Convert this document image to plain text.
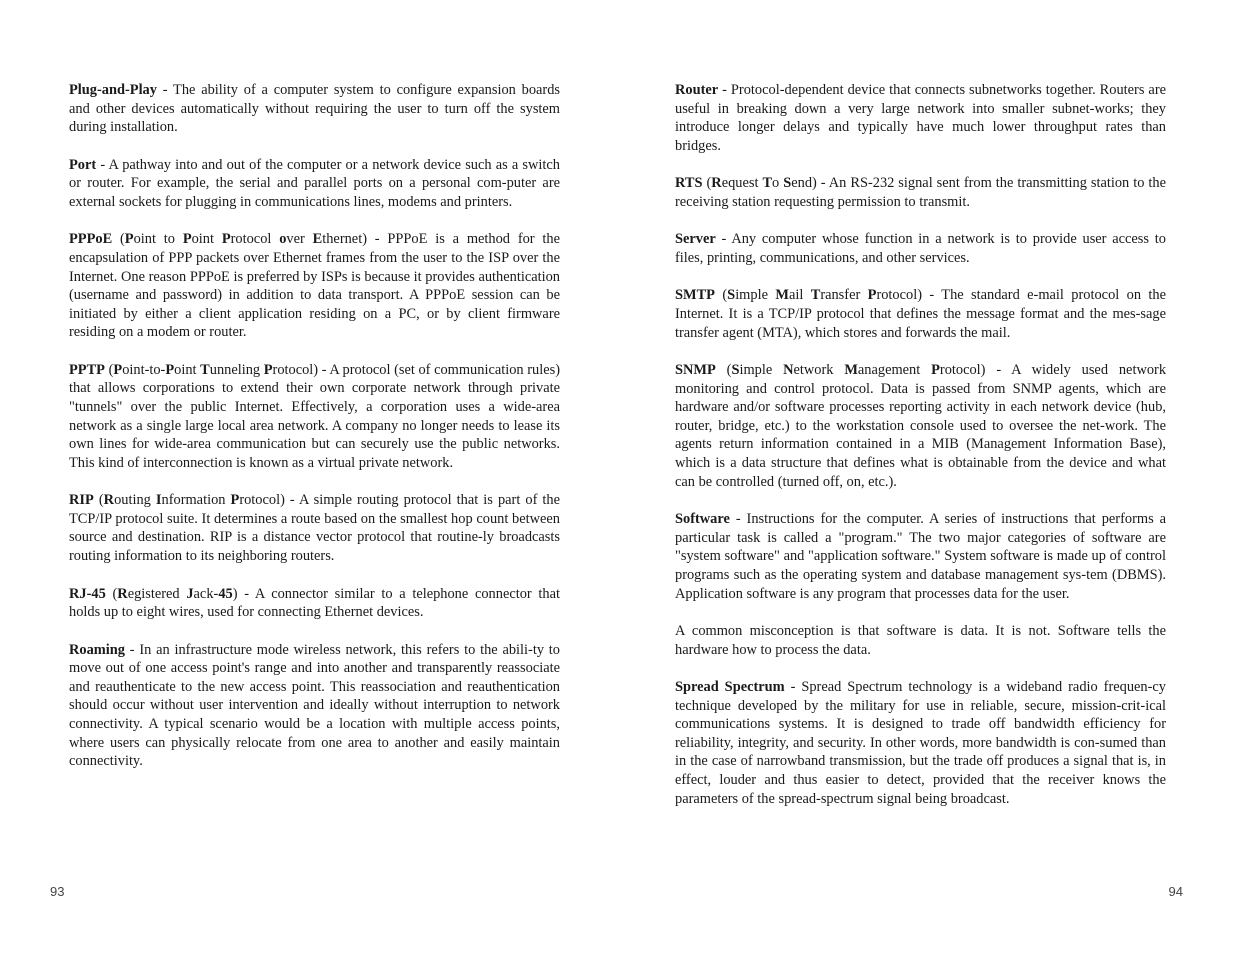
Plug-and-Play - The ability of a computer system to configure expansion boards and other devices automatically without requiring the user to turn off the system during installation.

Port - A pathway into and out of the computer or a network device such as a switch or router. For example, the serial and parallel ports on a personal com-puter are external sockets for plugging in communications lines, modems and printers.

PPPoE (Point to Point Protocol over Ethernet) - PPPoE is a method for the encapsulation of PPP packets over Ethernet frames from the user to the ISP over the Internet. One reason PPPoE is preferred by ISPs is because it provides authentication (username and password) in addition to data transport. A PPPoE session can be initiated by either a client application residing on a PC, or by client firmware residing on a modem or router.

PPTP (Point-to-Point Tunneling Protocol) - A protocol (set of communication rules) that allows corporations to extend their own corporate network through private "tunnels" over the public Internet. Effectively, a corporation uses a wide-area network as a single large local area network. A company no longer needs to lease its own lines for wide-area communication but can securely use the public networks. This kind of interconnection is known as a virtual private network.

RIP (Routing Information Protocol) - A simple routing protocol that is part of the TCP/IP protocol suite. It determines a route based on the smallest hop count between source and destination. RIP is a distance vector protocol that routine-ly broadcasts routing information to its neighboring routers.

RJ-45 (Registered Jack-45) - A connector similar to a telephone connector that holds up to eight wires, used for connecting Ethernet devices.

Roaming - In an infrastructure mode wireless network, this refers to the abili-ty to move out of one access point's range and into another and transparently reassociate and reauthenticate to the new access point. This reassociation and reauthentication should occur without user intervention and ideally without interruption to network connectivity. A typical scenario would be a location with multiple access points, where users can physically relocate from one area to another and easily maintain connectivity.

93

Router - Protocol-dependent device that connects subnetworks together. Routers are useful in breaking down a very large network into smaller subnet-works; they introduce longer delays and typically have much lower throughput rates than bridges.

RTS (Request To Send) - An RS-232 signal sent from the transmitting station to the receiving station requesting permission to transmit.

Server - Any computer whose function in a network is to provide user access to files, printing, communications, and other services.

SMTP (Simple Mail Transfer Protocol) - The standard e-mail protocol on the Internet. It is a TCP/IP protocol that defines the message format and the mes-sage transfer agent (MTA), which stores and forwards the mail.

SNMP (Simple Network Management Protocol) - A widely used network monitoring and control protocol. Data is passed from SNMP agents, which are hardware and/or software processes reporting activity in each network device (hub, router, bridge, etc.) to the workstation console used to oversee the net-work. The agents return information contained in a MIB (Management Information Base), which is a data structure that defines what is obtainable from the device and what can be controlled (turned off, on, etc.).

Software - Instructions for the computer. A series of instructions that performs a particular task is called a "program." The two major categories of software are "system software" and "application software." System software is made up of control programs such as the operating system and database management sys-tem (DBMS). Application software is any program that processes data for the user.

A common misconception is that software is data. It is not. Software tells the hardware how to process the data.

Spread Spectrum - Spread Spectrum technology is a wideband radio frequen-cy technique developed by the military for use in reliable, secure, mission-crit-ical communications systems. It is designed to trade off bandwidth efficiency for reliability, integrity, and security. In other words, more bandwidth is con-sumed than in the case of narrowband transmission, but the trade off produces a signal that is, in effect, louder and thus easier to detect, provided that the receiver knows the parameters of the spread-spectrum signal being broadcast.

94
